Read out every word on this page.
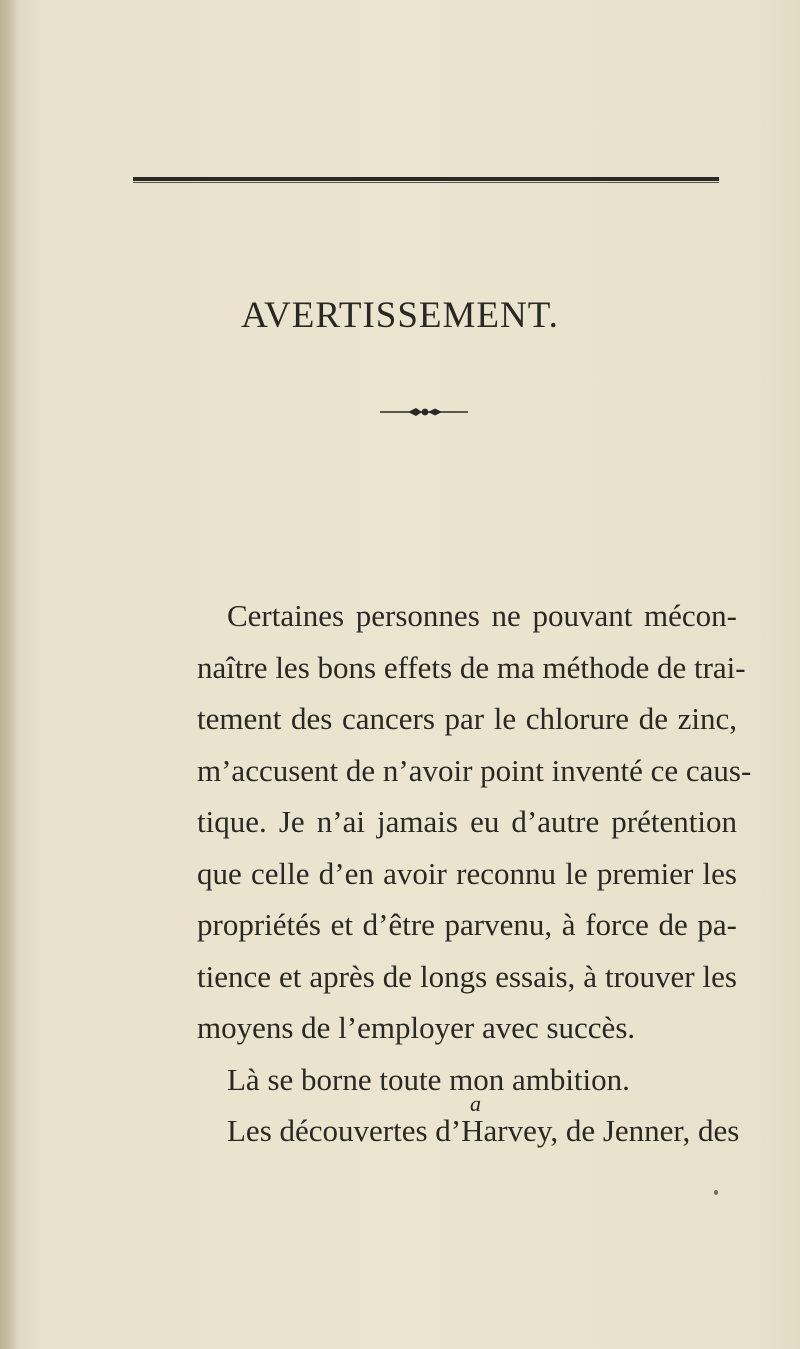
AVERTISSEMENT.
Certaines personnes ne pouvant mécon-
naître les bons effets de ma méthode de trai-
tement des cancers par le chlorure de zinc,
m’accusent de n’avoir point inventé ce caus-
tique. Je n’ai jamais eu d’autre prétention
que celle d’en avoir reconnu le premier les
propriétés et d’être parvenu, à force de pa-
tience et après de longs essais, à trouver les
moyens de l’employer avec succès.
Là se borne toute mon ambition.
Les découvertes d’Harvey, de Jenner, des
a
